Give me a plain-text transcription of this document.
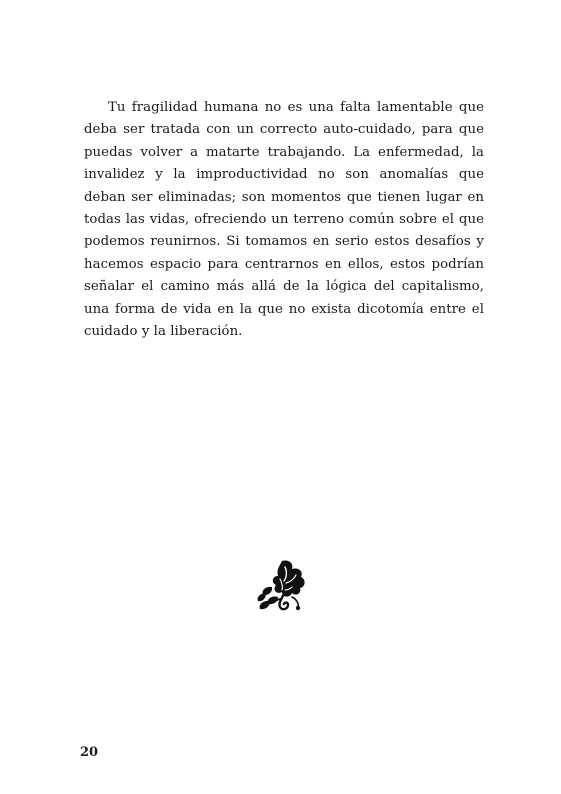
Tu fragilidad humana no es una falta lamentable que deba ser tratada con un correcto auto-cuidado, para que puedas volver a matarte trabajando. La enfermedad, la invalidez y la improductividad no son anomalías que deban ser eliminadas; son momentos que tienen lugar en todas las vidas, ofreciendo un terreno común sobre el que podemos reunirnos. Si tomamos en serio estos desafíos y hacemos espacio para centrarnos en ellos, estos podrían señalar el camino más allá de la lógica del capitalismo, una forma de vida en la que no exista dicotomía entre el cuidado y la liberación.

20
